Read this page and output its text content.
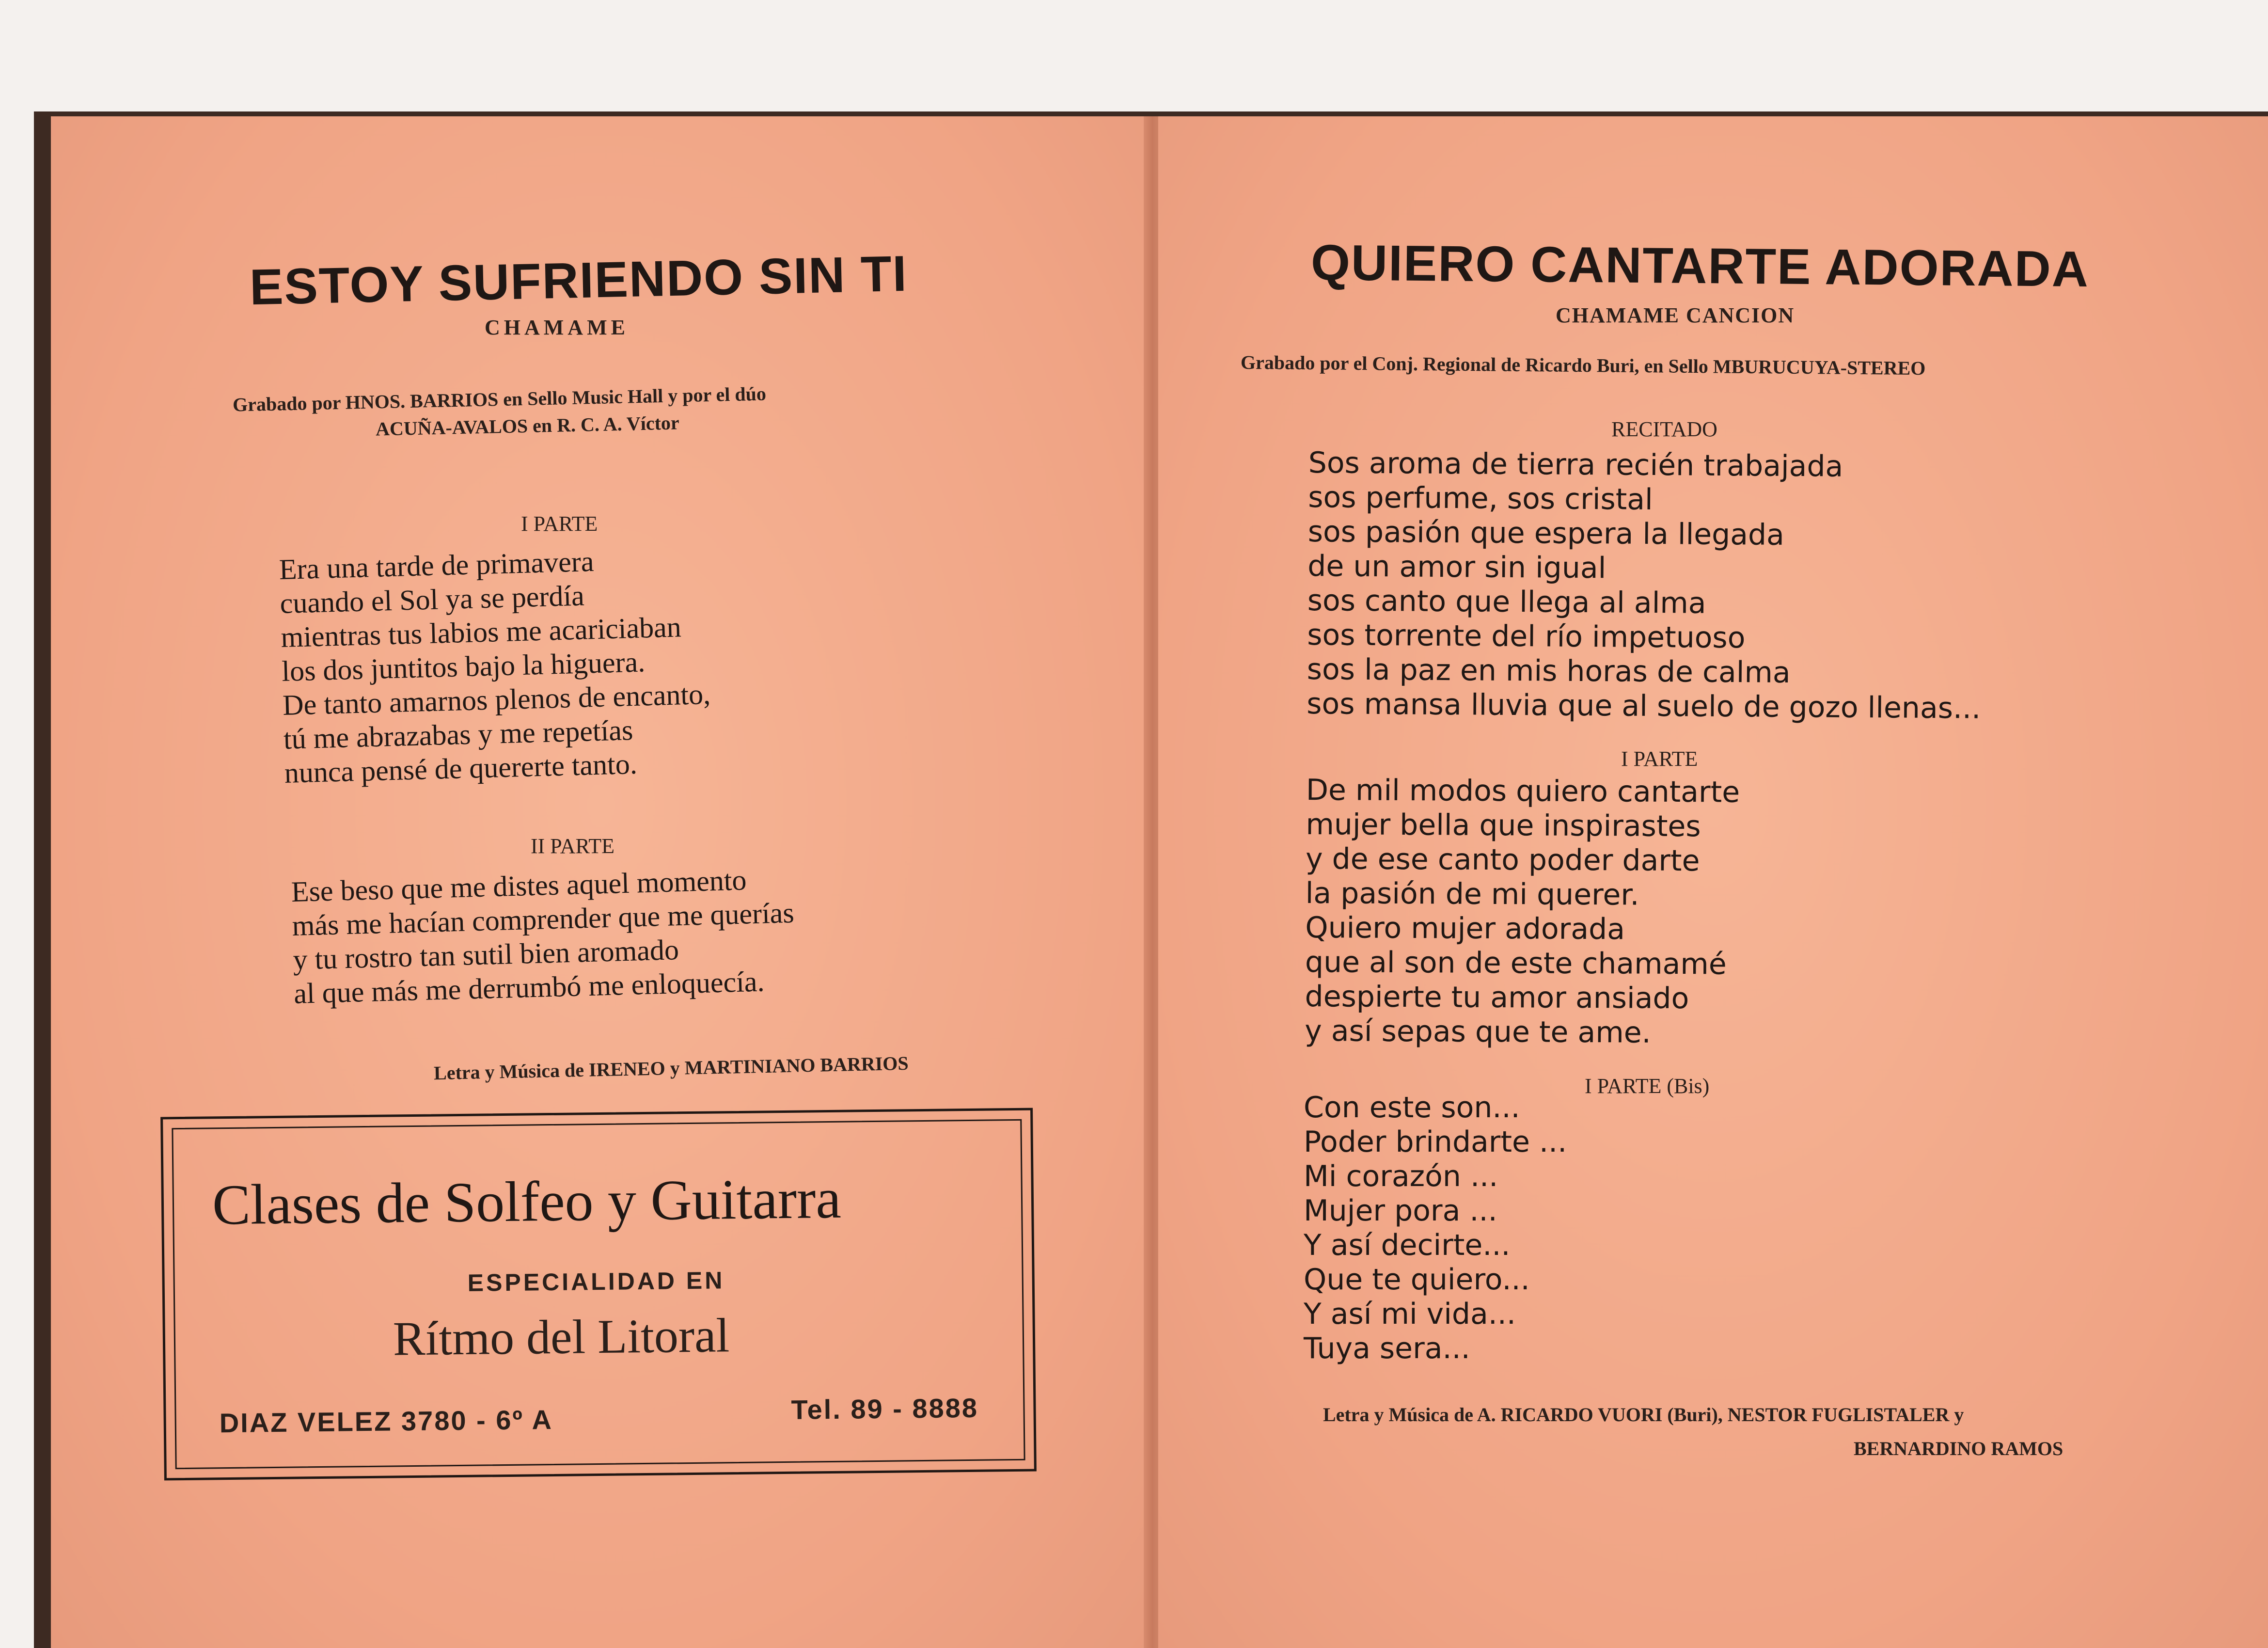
ESTOY SUFRIENDO SIN TI
CHAMAME
Grabado por HNOS. BARRIOS en Sello Music Hall y por el dúo
ACUÑA-AVALOS en R. C. A. Víctor
I PARTE
Era una tarde de primavera
cuando el Sol ya se perdía
mientras tus labios me acariciaban
los dos juntitos bajo la higuera.
De tanto amarnos plenos de encanto,
tú me abrazabas y me repetías
nunca pensé de quererte tanto.
II PARTE
Ese beso que me distes aquel momento
más me hacían comprender que me querías
y tu rostro tan sutil bien aromado
al que más me derrumbó me enloquecía.
Letra y Música de IRENEO y MARTINIANO BARRIOS
Clases de Solfeo y Guitarra
ESPECIALIDAD EN
Rítmo del Litoral
DIAZ VELEZ 3780 - 6º A	Tel. 89 - 8888
QUIERO CANTARTE ADORADA
CHAMAME CANCION
Grabado por el Conj. Regional de Ricardo Buri, en Sello MBURUCUYA-STEREO
RECITADO
Sos aroma de tierra recién trabajada
sos perfume, sos cristal
sos pasión que espera la llegada
de un amor sin igual
sos canto que llega al alma
sos torrente del río impetuoso
sos la paz en mis horas de calma
sos mansa lluvia que al suelo de gozo llenas...
I PARTE
De mil modos quiero cantarte
mujer bella que inspirastes
y de ese canto poder darte
la pasión de mi querer.
Quiero mujer adorada
que al son de este chamamé
despierte tu amor ansiado
y así sepas que te ame.
I PARTE (Bis)
Con este son...
Poder brindarte ...
Mi corazón ...
Mujer pora ...
Y así decirte...
Que te quiero...
Y así mi vida...
Tuya sera...
Letra y Música de A. RICARDO VUORI (Buri), NESTOR FUGLISTALER y
BERNARDINO RAMOS
